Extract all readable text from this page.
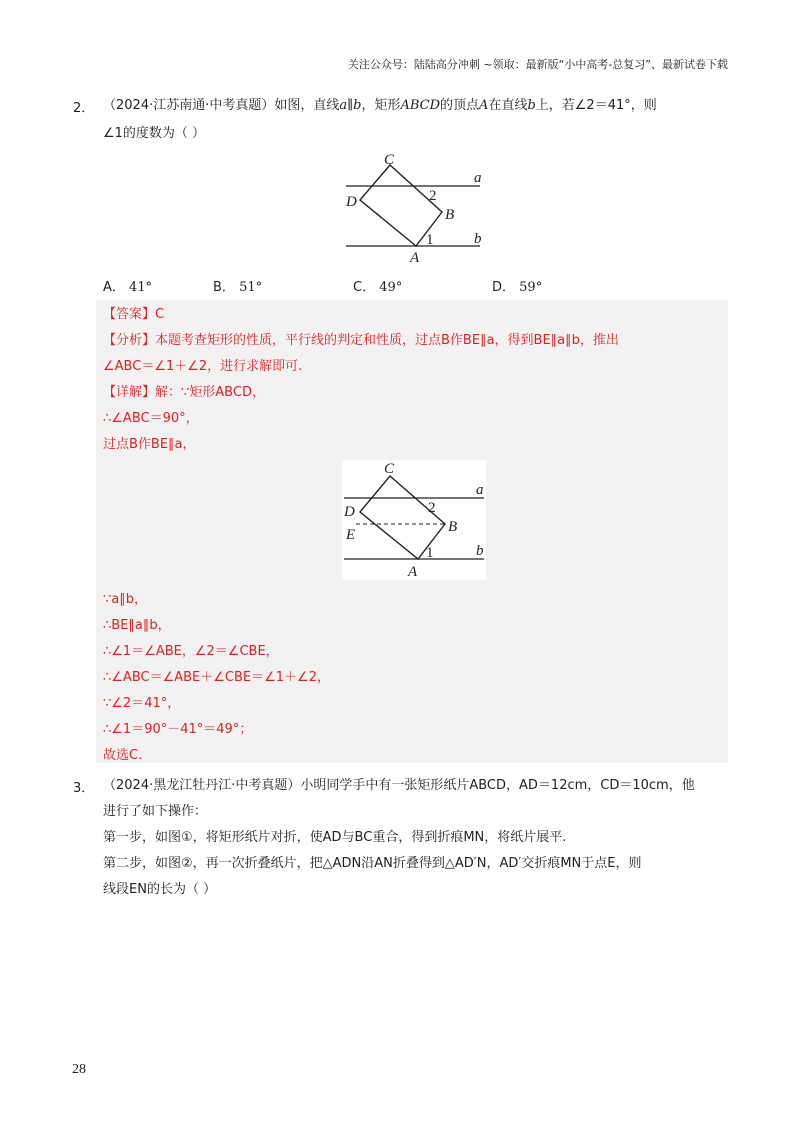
关注公众号：陆陆高分冲刺 ~领取：最新版“小中高考-总复习”、最新试卷下载
2． （2024·江苏南通·中考真题）如图，直线a∥b，矩形ABCD的顶点A在直线b上，若∠2＝41°，则
∠1的度数为（ ）
C
D
B
A
a
b
2
1
A． 41°	B． 51°	C． 49°	D． 59°
【答案】C
【分析】本题考查矩形的性质，平行线的判定和性质，过点B作BE∥a，得到BE∥a∥b，推出
∠ABC＝∠1＋∠2，进行求解即可.
【详解】解：∵矩形ABCD，
∴∠ABC＝90°，
过点B作BE∥a，
C
D
E	B
A
a
b
2
1
∵a∥b，
∴BE∥a∥b，
∴∠1＝∠ABE，∠2＝∠CBE，
∴∠ABC＝∠ABE＋∠CBE＝∠1＋∠2，
∵∠2＝41°，
∴∠1＝90°－41°＝49°；
故选C.
3． （2024·黑龙江牡丹江·中考真题）小明同学手中有一张矩形纸片ABCD，AD＝12cm，CD＝10cm，他
进行了如下操作：
第一步，如图①，将矩形纸片对折，使AD与BC重合，得到折痕MN，将纸片展平.
第二步，如图②，再一次折叠纸片，把△ADN沿AN折叠得到△AD′N，AD′交折痕MN于点E，则
线段EN的长为（ ）
28
